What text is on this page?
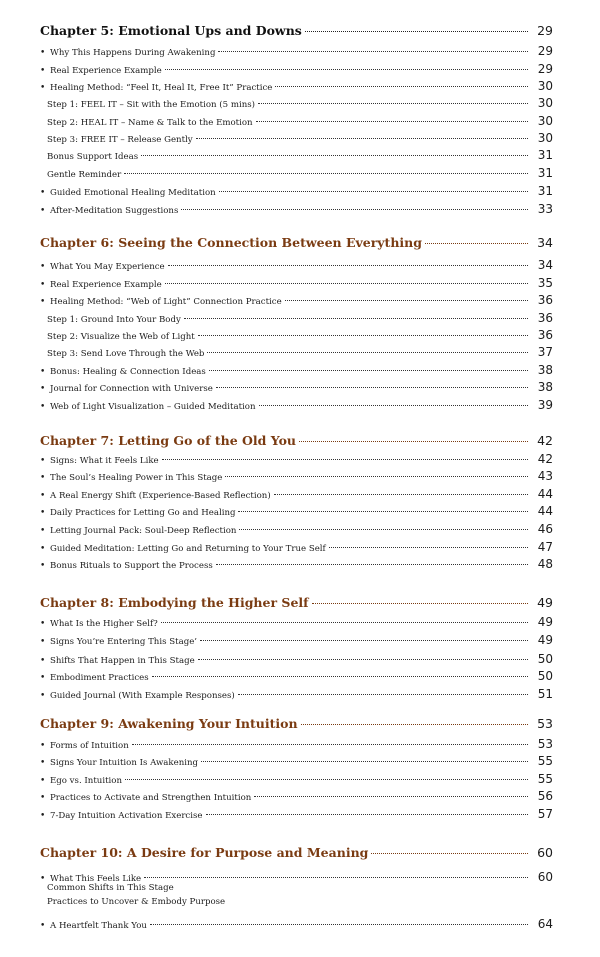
Chapter 5: Emotional Ups and Downs	29
• Why This Happens During Awakening	29
• Real Experience Example	29
• Healing Method: “Feel It, Heal It, Free It” Practice	30
Step 1: FEEL IT – Sit with the Emotion (5 mins)	30
Step 2: HEAL IT – Name & Talk to the Emotion	30
Step 3: FREE IT – Release Gently	30
Bonus Support Ideas	31
Gentle Reminder	31
• Guided Emotional Healing Meditation	31
• After-Meditation Suggestions	33
Chapter 6: Seeing the Connection Between Everything	34
• What You May Experience	34
• Real Experience Example	35
• Healing Method: “Web of Light” Connection Practice	36
Step 1: Ground Into Your Body	36
Step 2: Visualize the Web of Light	36
Step 3: Send Love Through the Web	37
• Bonus: Healing & Connection Ideas	38
• Journal for Connection with Universe	38
• Web of Light Visualization – Guided Meditation	39
Chapter 7: Letting Go of the Old You	42
• Signs: What it Feels Like	42
• The Soul’s Healing Power in This Stage	43
• A Real Energy Shift (Experience-Based Reflection)	44
• Daily Practices for Letting Go and Healing	44
• Letting Journal Pack: Soul-Deep Reflection	46
• Guided Meditation: Letting Go and Returning to Your True Self	47
• Bonus Rituals to Support the Process	48
Chapter 8: Embodying the Higher Self	49
• What Is the Higher Self?	49
• Signs You’re Entering This Stage’	49
• Shifts That Happen in This Stage	50
• Embodiment Practices	50
• Guided Journal (With Example Responses)	51
Chapter 9: Awakening Your Intuition	53
• Forms of Intuition	53
• Signs Your Intuition Is Awakening	55
• Ego vs. Intuition	55
• Practices to Activate and Strengthen Intuition	56
• 7-Day Intuition Activation Exercise	57
Chapter 10: A Desire for Purpose and Meaning	60
• What This Feels Like	60
Common Shifts in This Stage
Practices to Uncover & Embody Purpose
• A Heartfelt Thank You	64
